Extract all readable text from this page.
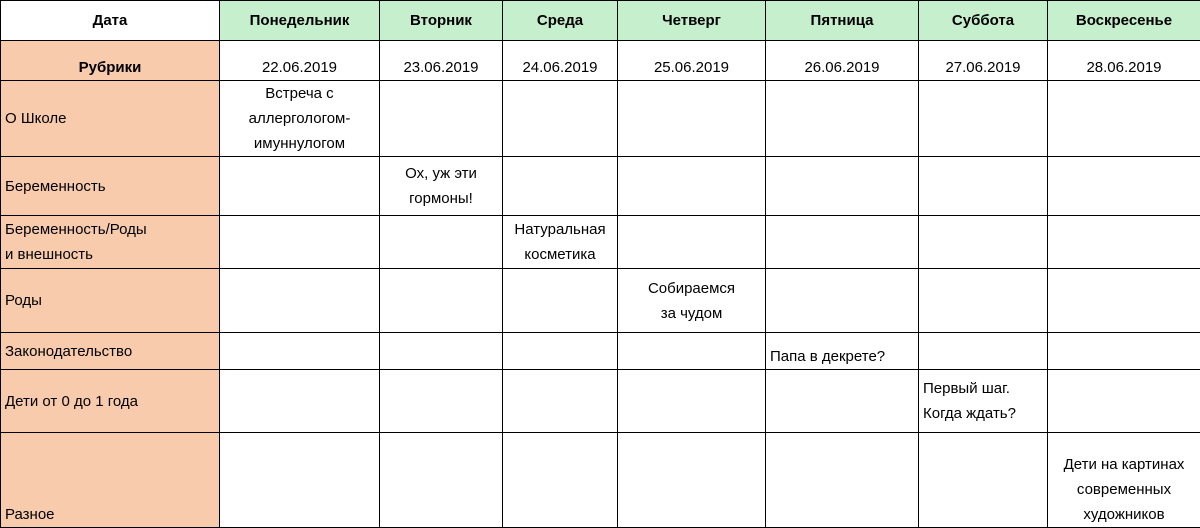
Дата	Понедельник	Вторник	Среда	Четверг	Пятница	Суббота	Воскресенье
Рубрики	22.06.2019	23.06.2019	24.06.2019	25.06.2019	26.06.2019	27.06.2019	28.06.2019
О Школе	Встреча с
аллергологом-
имуннулогом						
Беременность		Ох, уж эти
гормоны!					
Беременность/Роды
и внешность			Натуральная
косметика				
Роды				Собираемся
за чудом			
Законодательство					Папа в декрете?		
Дети от 0 до 1 года						Первый шаг.
Когда ждать?	
Разное							Дети на картинах
современных
художников
